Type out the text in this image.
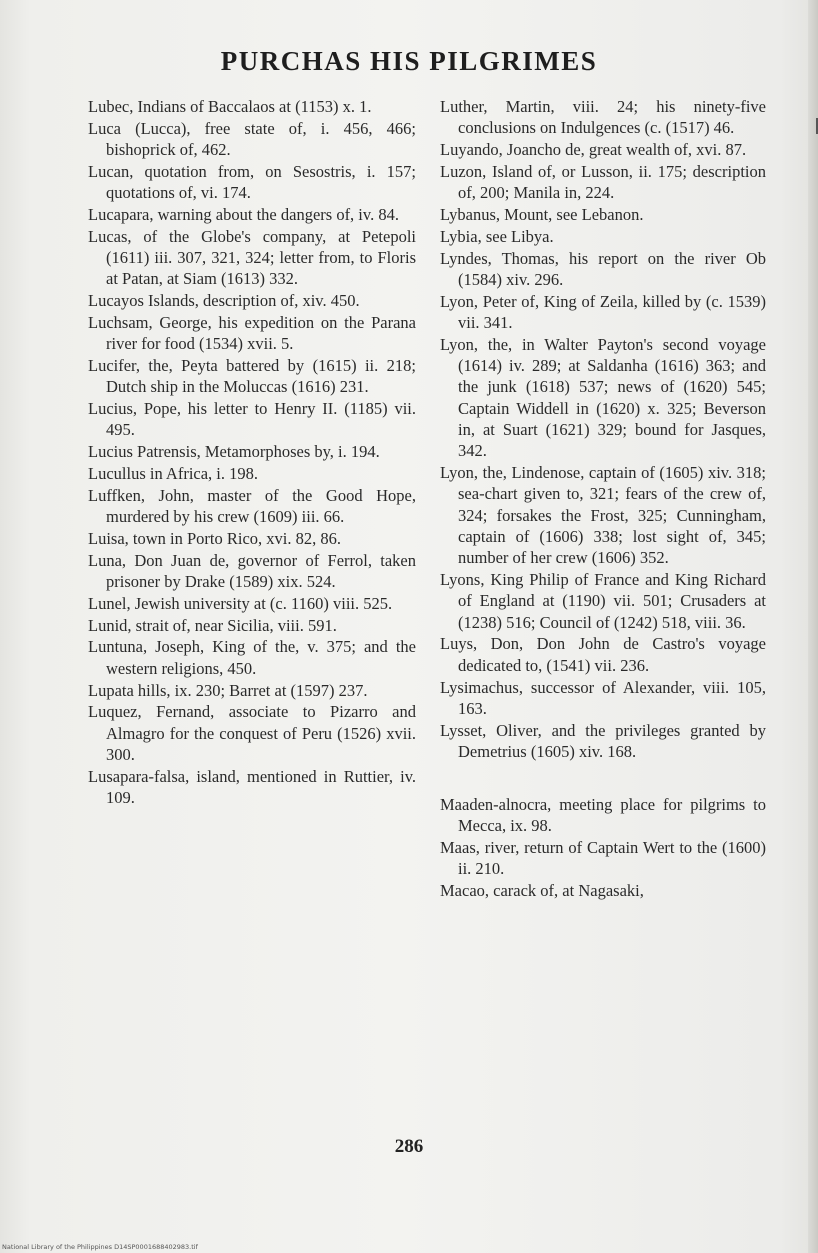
PURCHAS HIS PILGRIMES

Lubec, Indians of Baccalaos at (1153) x. 1.

Luca (Lucca), free state of, i. 456, 466; bishoprick of, 462.

Lucan, quotation from, on Sesostris, i. 157; quotations of, vi. 174.

Lucapara, warning about the dangers of, iv. 84.

Lucas, of the Globe's company, at Petepoli (1611) iii. 307, 321, 324; letter from, to Floris at Patan, at Siam (1613) 332.

Lucayos Islands, description of, xiv. 450.

Luchsam, George, his expedition on the Parana river for food (1534) xvii. 5.

Lucifer, the, Peyta battered by (1615) ii. 218; Dutch ship in the Moluccas (1616) 231.

Lucius, Pope, his letter to Henry II. (1185) vii. 495.

Lucius Patrensis, Metamorphoses by, i. 194.

Lucullus in Africa, i. 198.

Luffken, John, master of the Good Hope, murdered by his crew (1609) iii. 66.

Luisa, town in Porto Rico, xvi. 82, 86.

Luna, Don Juan de, governor of Ferrol, taken prisoner by Drake (1589) xix. 524.

Lunel, Jewish university at (c. 1160) viii. 525.

Lunid, strait of, near Sicilia, viii. 591.

Luntuna, Joseph, King of the, v. 375; and the western religions, 450.

Lupata hills, ix. 230; Barret at (1597) 237.

Luquez, Fernand, associate to Pizarro and Almagro for the conquest of Peru (1526) xvii. 300.

Lusapara-falsa, island, mentioned in Ruttier, iv. 109.

Luther, Martin, viii. 24; his ninety-five conclusions on Indulgences (c. (1517) 46.

Luyando, Joancho de, great wealth of, xvi. 87.

Luzon, Island of, or Lusson, ii. 175; description of, 200; Manila in, 224.

Lybanus, Mount, see Lebanon.

Lybia, see Libya.

Lyndes, Thomas, his report on the river Ob (1584) xiv. 296.

Lyon, Peter of, King of Zeila, killed by (c. 1539) vii. 341.

Lyon, the, in Walter Payton's second voyage (1614) iv. 289; at Saldanha (1616) 363; and the junk (1618) 537; news of (1620) 545; Captain Widdell in (1620) x. 325; Beverson in, at Suart (1621) 329; bound for Jasques, 342.

Lyon, the, Lindenose, captain of (1605) xiv. 318; sea-chart given to, 321; fears of the crew of, 324; forsakes the Frost, 325; Cunningham, captain of (1606) 338; lost sight of, 345; number of her crew (1606) 352.

Lyons, King Philip of France and King Richard of England at (1190) vii. 501; Crusaders at (1238) 516; Council of (1242) 518, viii. 36.

Luys, Don, Don John de Castro's voyage dedicated to, (1541) vii. 236.

Lysimachus, successor of Alexander, viii. 105, 163.

Lysset, Oliver, and the privileges granted by Demetrius (1605) xiv. 168.

Maaden-alnocra, meeting place for pilgrims to Mecca, ix. 98.

Maas, river, return of Captain Wert to the (1600) ii. 210.

Macao, carack of, at Nagasaki,

286
National Library of the Philippines D14SP0001688402983.tif
